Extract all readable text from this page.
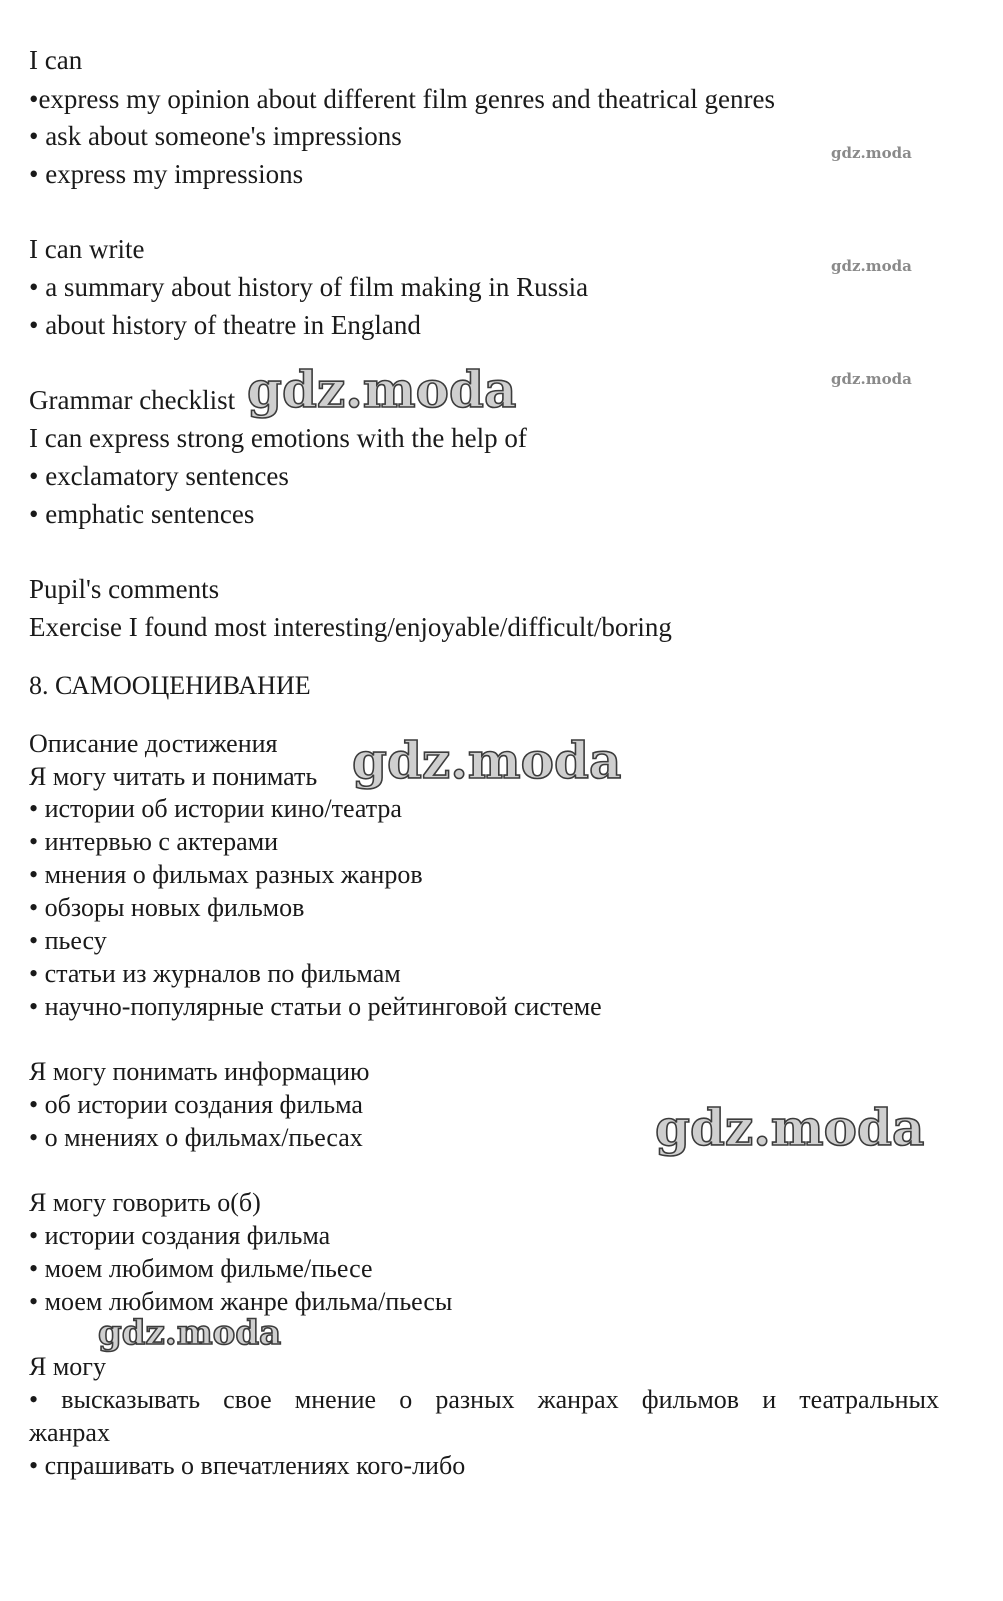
I can
•express my opinion about different film genres and theatrical genres
• ask about someone's impressions
• express my impressions
I can write
• a summary about history of film making in Russia
• about history of theatre in England
Grammar checklist
I can express strong emotions with the help of
• exclamatory sentences
• emphatic sentences
Pupil's comments
Exercise I found most interesting/enjoyable/difficult/boring
8. САМООЦЕНИВАНИЕ
Описание достижения
Я могу читать и понимать
• истории об истории кино/театра
• интервью с актерами
• мнения о фильмах разных жанров
• обзоры новых фильмов
• пьесу
• статьи из журналов по фильмам
• научно-популярные статьи о рейтинговой системе
Я могу понимать информацию
• об истории создания фильма
• о мнениях о фильмах/пьесах
Я могу говорить о(б)
• истории создания фильма
• моем любимом фильме/пьесе
• моем любимом жанре фильма/пьесы
Я могу
• высказывать свое мнение о разных жанрах фильмов и театральных
жанрах
• спрашивать о впечатлениях кого-либо
gdz.moda
gdz.moda
gdz.moda
gdz.moda
gdz.moda
gdz.moda
gdz.moda
